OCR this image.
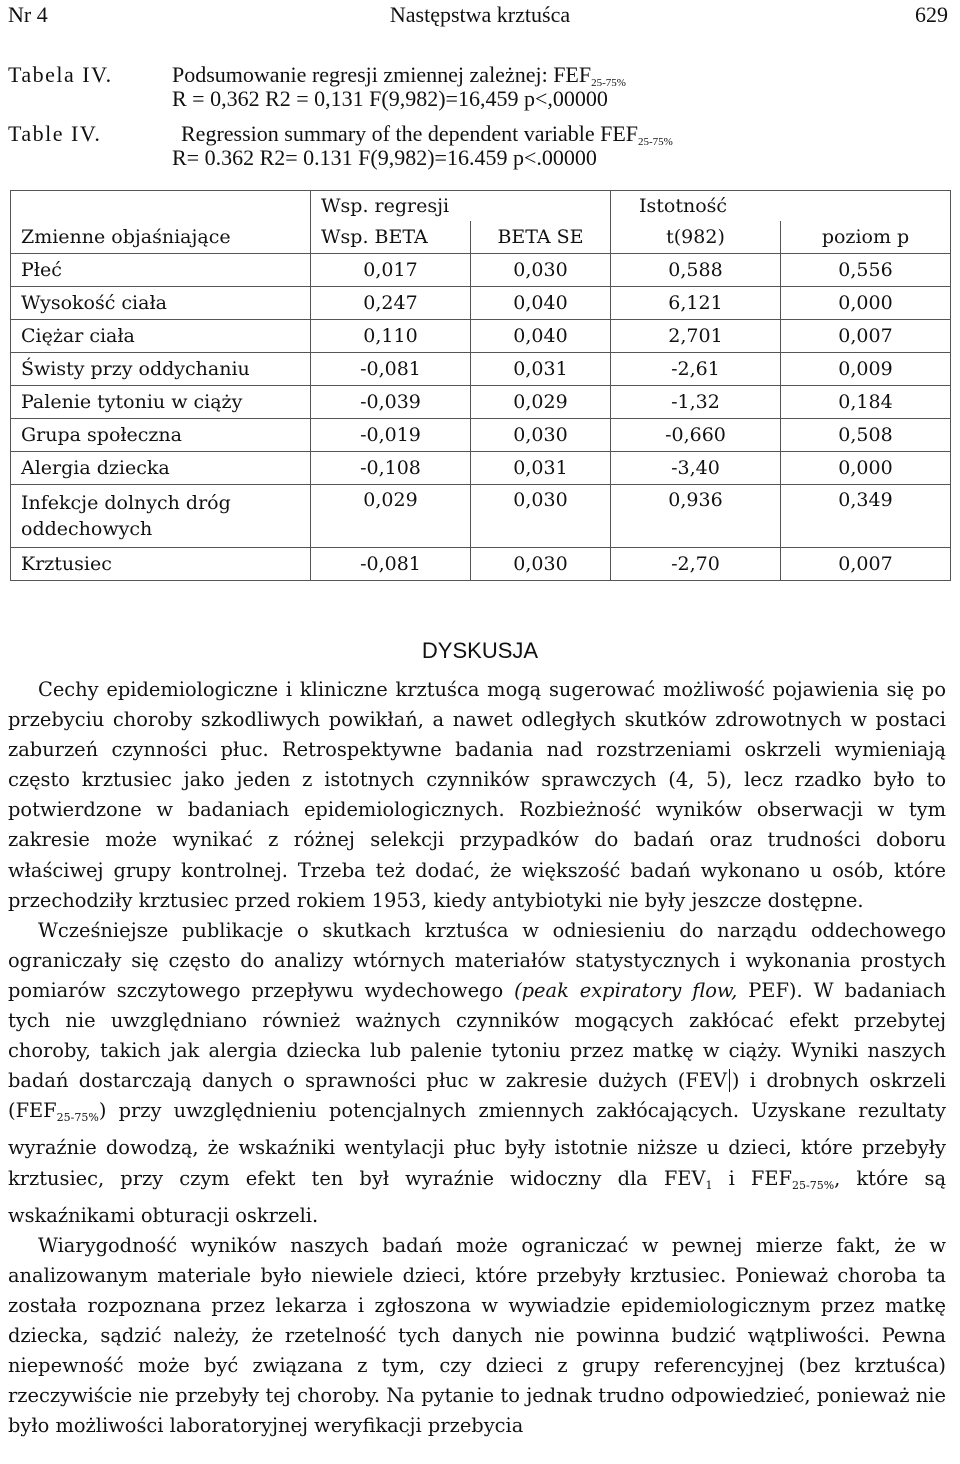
Następstwa krztuśca
Nr 4	629
Tabela IV.	Podsumowanie regresji zmiennej zależnej: $FEF_{25-75\%}$
R = 0,362 R2 = 0,131 F(9,982)=16,459 p<,00000
Table IV.	Regression summary of the dependent variable $FEF_{25-75\%}$
R= 0.362 R2= 0.131 F(9,982)=16.459 p<.00000
	Wsp. regresji		Istotność	
Zmienne objaśniające	Wsp. BETA	BETA SE	t(982)	poziom p
Płeć	0,017	0,030	0,588	0,556
Wysokość ciała	0,247	0,040	6,121	0,000
Ciężar ciała	0,110	0,040	2,701	0,007
Świsty przy oddychaniu	-0,081	0,031	-2,61	0,009
Palenie tytoniu w ciąży	-0,039	0,029	-1,32	0,184
Grupa społeczna	-0,019	0,030	-0,660	0,508
Alergia dziecka	-0,108	0,031	-3,40	0,000
Infekcje dolnych dróg oddechowych	0,029	0,030	0,936	0,349
Krztusiec	-0,081	0,030	-2,70	0,007
DYSKUSJA

Cechy epidemiologiczne i kliniczne krztuśca mogą sugerować możliwość pojawienia się po przebyciu choroby szkodliwych powikłań, a nawet odległych skutków zdrowotnych w postaci zaburzeń czynności płuc. Retrospektywne badania nad rozstrzeniami oskrzeli wymieniają często krztusiec jako jeden z istotnych czynników sprawczych (4, 5), lecz rzadko było to potwierdzone w badaniach epidemiologicznych. Rozbieżność wyników obserwacji w tym zakresie może wynikać z różnej selekcji przypadków do badań oraz trudności doboru właściwej grupy kontrolnej. Trzeba też dodać, że większość badań wykonano u osób, które przechodziły krztusiec przed rokiem 1953, kiedy antybiotyki nie były jeszcze dostępne.

Wcześniejsze publikacje o skutkach krztuśca w odniesieniu do narządu oddechowego ograniczały się często do analizy wtórnych materiałów statystycznych i wykonania prostych pomiarów szczytowego przepływu wydechowego (peak expiratory flow, PEF). W badaniach tych nie uwzględniano również ważnych czynników mogących zakłócać efekt przebytej choroby, takich jak alergia dziecka lub palenie tytoniu przez matkę w ciąży. Wyniki naszych badań dostarczają danych o sprawności płuc w zakresie dużych (FEV ) i drobnych oskrzeli $(FEF_{25-75\%})$ przy uwzględnieniu potencjalnych zmiennych zakłócających. Uzyskane rezultaty wyraźnie dowodzą, że wskaźniki wentylacji płuc były istotnie niższe u dzieci, które przebyły krztusiec, przy czym efekt ten był wyraźnie widoczny dla $FEV_1$ i $FEF_{25-75\%}$, które są wskaźnikami obturacji oskrzeli.

Wiarygodność wyników naszych badań może ograniczać w pewnej mierze fakt, że w analizowanym materiale było niewiele dzieci, które przebyły krztusiec. Ponieważ choroba ta została rozpoznana przez lekarza i zgłoszona w wywiadzie epidemiologicznym przez matkę dziecka, sądzić należy, że rzetelność tych danych nie powinna budzić wątpliwości. Pewna niepewność może być związana z tym, czy dzieci z grupy referencyjnej (bez krztuśca) rzeczywiście nie przebyły tej choroby. Na pytanie to jednak trudno odpowiedzieć, ponieważ nie było możliwości laboratoryjnej weryfikacji przebycia
